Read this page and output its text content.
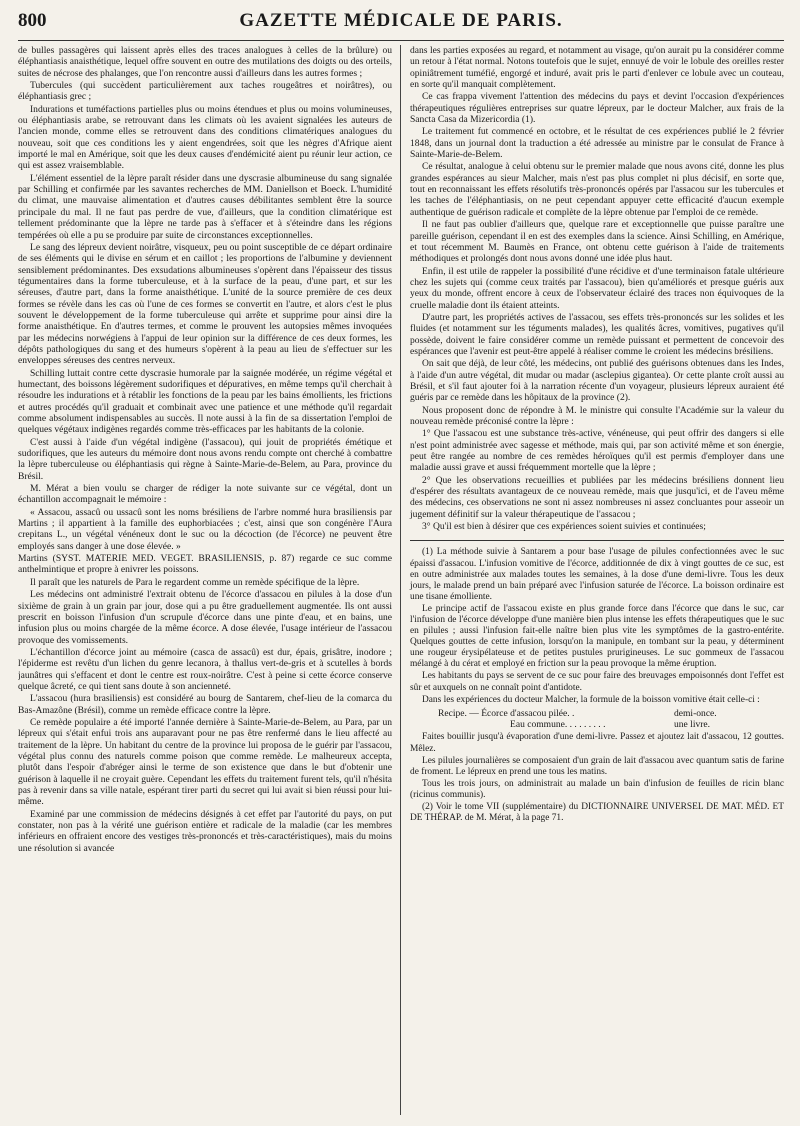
800	GAZETTE MÉDICALE DE PARIS.

de bulles passagères qui laissent après elles des traces analogues à celles de la brûlure) ou éléphantiasis anaisthétique, lequel offre souvent en outre des mutilations des doigts ou des orteils, suites de nécrose des phalanges, que l'on rencontre aussi d'ailleurs dans les autres formes ;

Tubercules (qui succèdent particulièrement aux taches rougeâtres et noirâtres), ou éléphantiasis grec ;

Indurations et tuméfactions partielles plus ou moins étendues et plus ou moins volumineuses, ou éléphantiasis arabe, se retrouvant dans les climats où les avaient signalées les auteurs de l'ancien monde, comme elles se retrouvent dans des conditions climatériques analogues du nouveau, soit que ces conditions les y aient engendrées, soit que les nègres d'Afrique aient importé le mal en Amérique, soit que les deux causes d'endémicité aient pu réunir leur action, ce qui est assez vraisemblable.

L'élément essentiel de la lèpre paraît résider dans une dyscrasie albumineuse du sang signalée par Schilling et confirmée par les savantes recherches de MM. Daniellson et Boeck. L'humidité du climat, une mauvaise alimentation et d'autres causes débilitantes semblent être la source principale du mal. Il ne faut pas perdre de vue, d'ailleurs, que la condition climatérique est tellement prédominante que la lèpre ne tarde pas à s'effacer et à s'éteindre dans les régions tempérées où elle a pu se produire par suite de circonstances exceptionnelles.

Le sang des lépreux devient noirâtre, visqueux, peu ou point susceptible de ce départ ordinaire de ses éléments qui le divise en sérum et en caillot ; les proportions de l'albumine y deviennent sensiblement prédominantes. Des exsudations albumineuses s'opèrent dans l'épaisseur des tissus tégumentaires dans la forme tuberculeuse, et à la surface de la peau, d'une part, et sur les séreuses, d'autre part, dans la forme anaisthétique. L'unité de la source première de ces deux formes se révèle dans les cas où l'une de ces formes se convertit en l'autre, et alors c'est le plus souvent le développement de la forme tuberculeuse qui arrête et supprime pour ainsi dire la forme anaisthétique. En d'autres termes, et comme le prouvent les autopsies mêmes invoquées par les médecins norwégiens à l'appui de leur opinion sur la différence de ces deux formes, les dépôts pathologiques du sang et des humeurs s'opèrent à la peau au lieu de s'effectuer sur les enveloppes séreuses des centres nerveux.

Schilling luttait contre cette dyscrasie humorale par la saignée modérée, un régime végétal et humectant, des boissons légèrement sudorifiques et dépuratives, en même temps qu'il cherchait à résoudre les indurations et à rétablir les fonctions de la peau par les bains émollients, les frictions et autres procédés qu'il graduait et combinait avec une patience et une méthode qu'il regardait comme absolument indispensables au succès. Il note aussi à la fin de sa dissertation l'emploi de quelques végétaux indigènes regardés comme très-efficaces par les habitants de la colonie.

C'est aussi à l'aide d'un végétal indigène (l'assacou), qui jouit de propriétés émétique et sudorifiques, que les auteurs du mémoire dont nous avons rendu compte ont cherché à combattre la lèpre tuberculeuse ou éléphantiasis qui règne à Sainte-Marie-de-Belem, au Para, province du Brésil.

M. Mérat a bien voulu se charger de rédiger la note suivante sur ce végétal, dont un échantillon accompagnait le mémoire :

« Assacou, assacû ou ussacû sont les noms brésiliens de l'arbre nommé hura brasiliensis par Martins ; il appartient à la famille des euphorbiacées ; c'est, ainsi que son congénère l'Aura crepitans L., un végétal vénéneux dont le suc ou la décoction (de l'écorce) ne peuvent être employés sans danger à une dose élevée. »

Martins (SYST. MATERIE MED. VEGET. BRASILIENSIS, p. 87) regarde ce suc comme anthelmintique et propre à enivrer les poissons.

Il paraît que les naturels de Para le regardent comme un remède spécifique de la lèpre.

Les médecins ont administré l'extrait obtenu de l'écorce d'assacou en pilules à la dose d'un sixième de grain à un grain par jour, dose qui a pu être graduellement augmentée. Ils ont aussi prescrit en boisson l'infusion d'un scrupule d'écorce dans une pinte d'eau, et en bains, une infusion plus ou moins chargée de la même écorce. A dose élevée, l'usage intérieur de l'assacou provoque des vomissements.

L'échantillon d'écorce joint au mémoire (casca de assacû) est dur, épais, grisâtre, inodore ; l'épiderme est revêtu d'un lichen du genre lecanora, à thallus vert-de-gris et à scutelles à bords jaunâtres qui s'effacent et dont le centre est roux-noirâtre. C'est à peine si cette écorce conserve quelque âcreté, ce qui tient sans doute à son ancienneté.

L'assacou (hura brasiliensis) est considéré au bourg de Santarem, chef-lieu de la comarca du Bas-Amazône (Brésil), comme un remède efficace contre la lèpre.

Ce remède populaire a été importé l'année dernière à Sainte-Marie-de-Belem, au Para, par un lépreux qui s'était enfui trois ans auparavant pour ne pas être renfermé dans le lieu affecté au traitement de la lèpre. Un habitant du centre de la province lui proposa de le guérir par l'assacou, végétal plus connu des naturels comme poison que comme remède. Le malheureux accepta, plutôt dans l'espoir d'abréger ainsi le terme de son existence que dans le but d'obtenir une guérison à laquelle il ne croyait guère. Cependant les effets du traitement furent tels, qu'il n'hésita pas à revenir dans sa ville natale, espérant tirer parti du secret qui lui avait si bien réussi pour lui-même.

Examiné par une commission de médecins désignés à cet effet par l'autorité du pays, on put constater, non pas à la vérité une guérison entière et radicale de la maladie (car les membres inférieurs en offraient encore des vestiges très-prononcés et très-caractéristiques), mais du moins une résolution si avancée

dans les parties exposées au regard, et notamment au visage, qu'on aurait pu la considérer comme un retour à l'état normal. Notons toutefois que le sujet, ennuyé de voir le lobule des oreilles rester opiniâtrement tuméfié, engorgé et induré, avait pris le parti d'enlever ce lobule avec un couteau, en sorte qu'il manquait complètement.

Ce cas frappa vivement l'attention des médecins du pays et devint l'occasion d'expériences thérapeutiques régulières entreprises sur quatre lépreux, par le docteur Malcher, aux frais de la Sancta Casa da Mizericordia (1).

Le traitement fut commencé en octobre, et le résultat de ces expériences publié le 2 février 1848, dans un journal dont la traduction a été adressée au ministre par le consulat de France à Sainte-Marie-de-Belem.

Ce résultat, analogue à celui obtenu sur le premier malade que nous avons cité, donne les plus grandes espérances au sieur Malcher, mais n'est pas plus complet ni plus décisif, en sorte que, tout en reconnaissant les effets résolutifs très-prononcés opérés par l'assacou sur les tubercules et les taches de l'éléphantiasis, on ne peut cependant appuyer cette efficacité d'aucun exemple authentique de guérison radicale et complète de la lèpre obtenue par l'emploi de ce remède.

Il ne faut pas oublier d'ailleurs que, quelque rare et exceptionnelle que puisse paraître une pareille guérison, cependant il en est des exemples dans la science. Ainsi Schilling, en Amérique, et tout récemment M. Baumès en France, ont obtenu cette guérison à l'aide de traitements méthodiques et prolongés dont nous avons donné une idée plus haut.

Enfin, il est utile de rappeler la possibilité d'une récidive et d'une terminaison fatale ultérieure chez les sujets qui (comme ceux traités par l'assacou), bien qu'améliorés et presque guéris aux yeux du monde, offrent encore à ceux de l'observateur éclairé des traces non équivoques de la cruelle maladie dont ils étaient atteints.

D'autre part, les propriétés actives de l'assacou, ses effets très-prononcés sur les solides et les fluides (et notamment sur les téguments malades), les qualités âcres, vomitives, pugatives qu'il possède, doivent le faire considérer comme un remède puissant et permettent de concevoir des espérances que l'avenir est peut-être appelé à réaliser comme le croient les médecins brésiliens.

On sait que déjà, de leur côté, les médecins, ont publié des guérisons obtenues dans les Indes, à l'aide d'un autre végétal, dit mudar ou madar (asclepius gigantea). Or cette plante croît aussi au Brésil, et s'il faut ajouter foi à la narration récente d'un voyageur, plusieurs lépreux auraient été guéris par ce remède dans les hôpitaux de la province (2).

Nous proposent donc de répondre à M. le ministre qui consulte l'Académie sur la valeur du nouveau remède préconisé contre la lèpre :

1° Que l'assacou est une substance très-active, vénéneuse, qui peut offrir des dangers si elle n'est point administrée avec sagesse et méthode, mais qui, par son activité même et son énergie, peut être rangée au nombre de ces remèdes héroïques qu'il est permis d'employer dans une maladie aussi grave et aussi fréquemment mortelle que la lèpre ;

2° Que les observations recueillies et publiées par les médecins brésiliens donnent lieu d'espérer des résultats avantageux de ce nouveau remède, mais que jusqu'ici, et de l'aveu même des médecins, ces observations ne sont ni assez nombreuses ni assez concluantes pour asseoir un jugement définitif sur la valeur thérapeutique de l'assacou ;

3° Qu'il est bien à désirer que ces expériences soient suivies et continuées;

(1) La méthode suivie à Santarem a pour base l'usage de pilules confectionnées avec le suc épaissi d'assacou. L'infusion vomitive de l'écorce, additionnée de dix à vingt gouttes de ce suc, est en outre administrée aux malades toutes les semaines, à la dose d'une demi-livre. Tous les deux jours, le malade prend un bain préparé avec l'infusion saturée de l'écorce. La boisson ordinaire est une tisane émolliente.

Le principe actif de l'assacou existe en plus grande force dans l'écorce que dans le suc, car l'infusion de l'écorce développe d'une manière bien plus intense les effets thérapeutiques que le suc en pilules ; aussi l'infusion fait-elle naître bien plus vite les symptômes de la gastro-entérite. Quelques gouttes de cette infusion, lorsqu'on la manipule, en tombant sur la peau, y déterminent une rougeur érysipélateuse et de petites pustules prurigineuses. Le suc gommeux de l'assacou mélangé à du cérat et employé en friction sur la peau provoque la même éruption.

Les habitants du pays se servent de ce suc pour faire des breuvages empoisonnés dont l'effet est sûr et auxquels on ne connaît point d'antidote.

Dans les expériences du docteur Malcher, la formule de la boisson vomitive était celle-ci :

Recipe. — Écorce d'assacou pilée. .	demi-once.
Eau commune. . . . . . . . .	une livre.

Faites bouillir jusqu'à évaporation d'une demi-livre. Passez et ajoutez lait d'assacou, 12 gouttes. Mêlez.

Les pilules journalières se composaient d'un grain de lait d'assacou avec quantum satis de farine de froment. Le lépreux en prend une tous les matins.

Tous les trois jours, on administrait au malade un bain d'infusion de feuilles de ricin blanc (ricinus communis).

(2) Voir le tome VII (supplémentaire) du DICTIONNAIRE UNIVERSEL DE MAT. MÉD. ET DE THÉRAP. de M. Mérat, à la page 71.
